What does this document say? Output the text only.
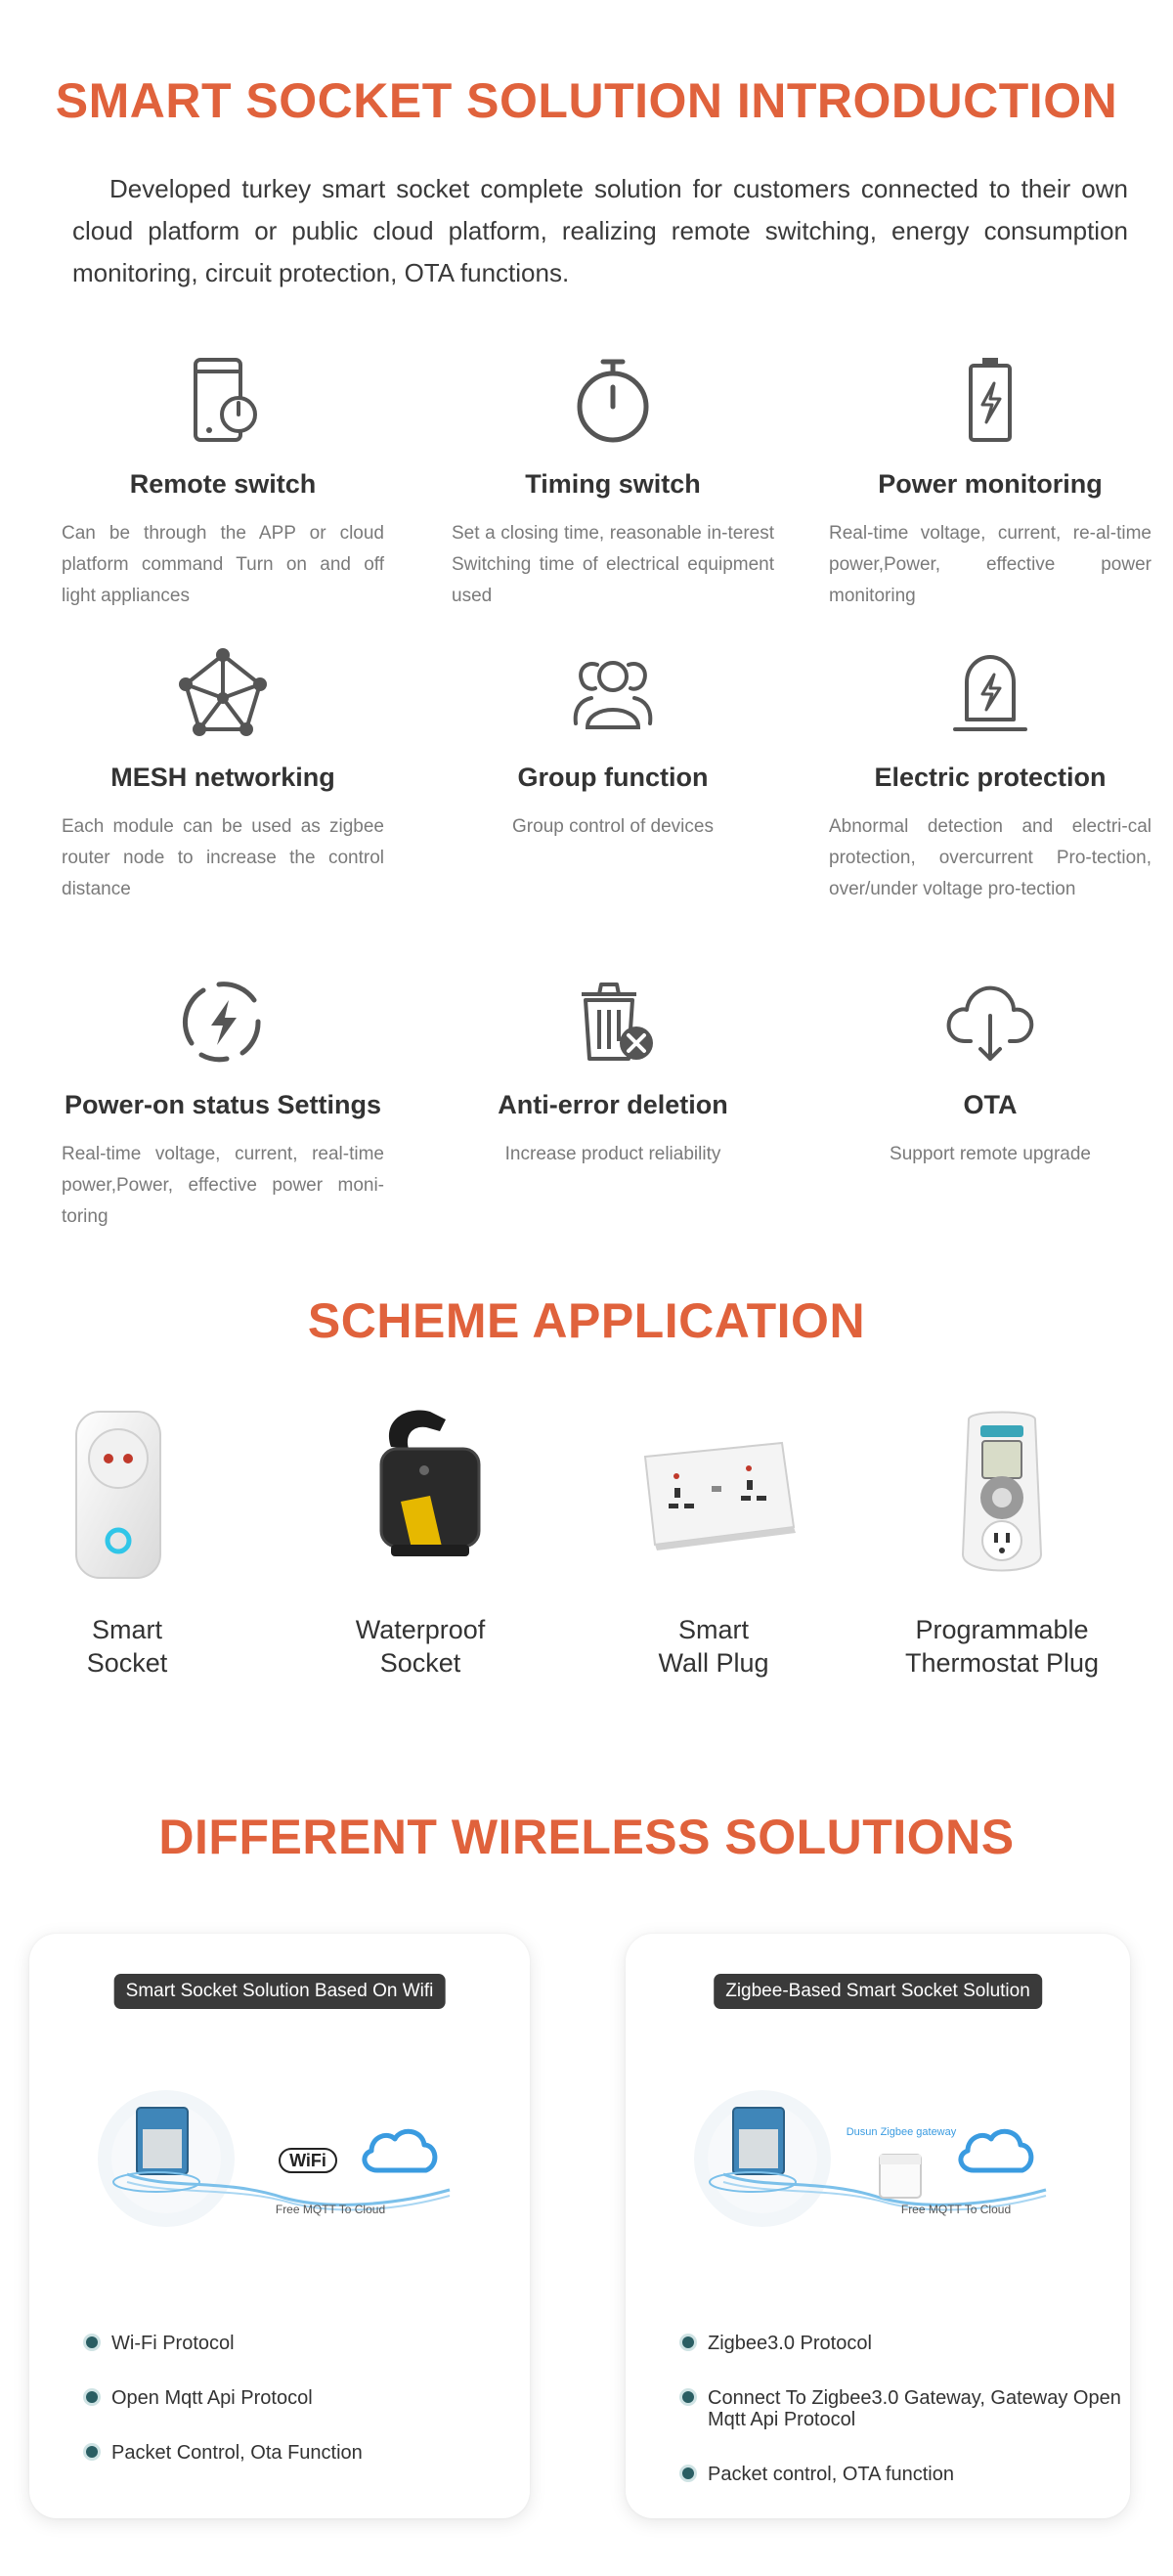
SMART SOCKET SOLUTION INTRODUCTION

Developed turkey smart socket complete solution for customers connected to their own cloud platform or public cloud platform, realizing remote switching, energy consumption monitoring, circuit protection, OTA functions.

Remote switch
Can be through the APP or cloud platform command Turn on and off light appliances
Timing switch
Set a closing time, reasonable in-terest Switching time of electrical equipment used
Power monitoring
Real-time voltage, current, re-al-time power,Power, effective power monitoring
MESH networking
Each module can be used as zigbee router node to increase the control distance
Group function
Group control of devices
Electric protection
Abnormal detection and electri-cal protection, overcurrent Pro-tection, over/under voltage pro-tection
Power-on status Settings
Real-time voltage, current, real-time power,Power, effective power moni-toring
Anti-error deletion
Increase product reliability
OTA
Support remote upgrade
SCHEME APPLICATION
Smart
Socket
Waterproof
Socket
Smart
Wall Plug
Programmable
Thermostat Plug
DIFFERENT WIRELESS SOLUTIONS
Smart Socket Solution Based On Wifi
WiFi
Free MQTT To Cloud
Wi-Fi Protocol
Open Mqtt Api Protocol
Packet Control, Ota Function
Zigbee-Based Smart Socket Solution
Dusun Zigbee gateway
Free MQTT To Cloud
Zigbee3.0 Protocol
Connect To Zigbee3.0 Gateway, Gateway Open Mqtt Api Protocol
Packet control, OTA function
